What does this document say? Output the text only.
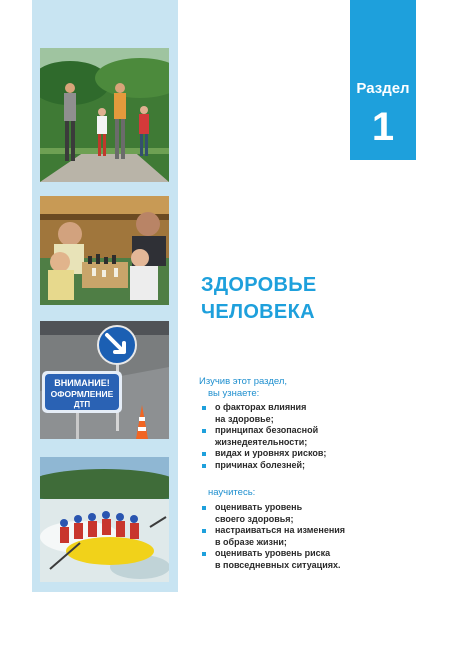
ВНИМАНИЕ!
ОФОРМЛЕНИЕ
ДТП
Раздел
1
ЗДОРОВЬЕ
ЧЕЛОВЕКА
Изучив этот раздел,
вы узнаете:
о факторах влияния
на здоровье;
принципах безопасной
жизнедеятельности;
видах и уровнях рисков;
причинах болезней;
научитесь:
оценивать уровень
своего здоровья;
настраиваться на изменения
в образе жизни;
оценивать уровень риска
в повседневных ситуациях.
